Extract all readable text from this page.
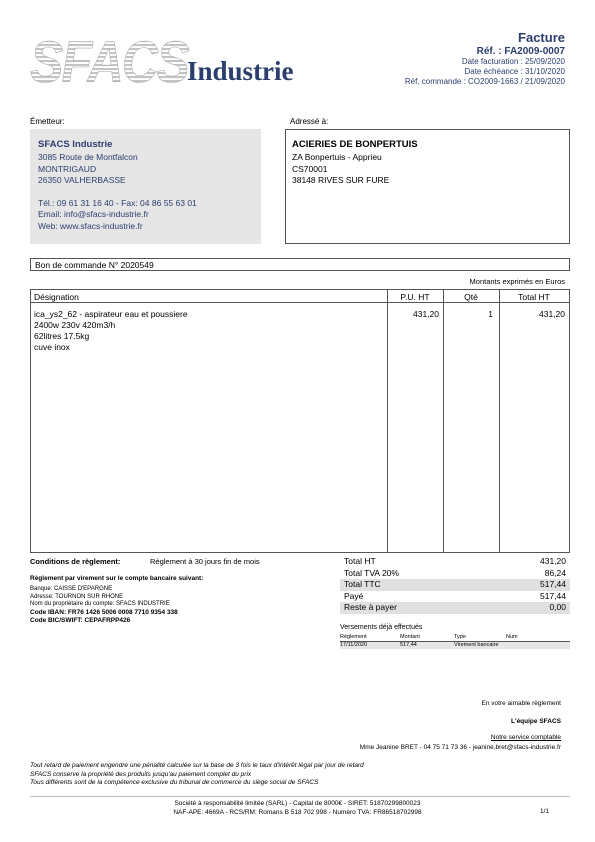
SFACS
Industrie
Facture
Réf. : FA2009-0007
Date facturation : 25/09/2020
Date échéance : 31/10/2020
Réf. commande : CO2009-1663 / 21/09/2020
Émetteur:
SFACS Industrie
3085 Route de Montfalcon
MONTRIGAUD
26350 VALHERBASSE
Tél.: 09 61 31 16 40 - Fax: 04 86 55 63 01
Email: info@sfacs-industrie.fr
Web: www.sfacs-industrie.fr
Adressé à:
ACIERIES DE BONPERTUIS
ZA Bonpertuis - Apprieu
CS70001
38148 RIVES SUR FURE
Bon de commande N° 2020549
Montants exprimés en Euros
Désignation	P.U. HT	Qté	Total HT
ica_ys2_62 - aspirateur eau et poussiere
2400w 230v 420m3/h
62litres 17.5kg
cuve inox
431,20	1	431,20
Conditions de règlement:	Règlement à 30 jours fin de mois
Règlement par virement sur le compte bancaire suivant:
Banque: CAISSE D'EPARGNE
Adresse: TOURNON SUR RHONE
Nom du propriétaire du compte: SFACS INDUSTRIE
Code IBAN: FR76 1426 5006 0008 7710 9354 338
Code BIC/SWIFT: CEPAFRPP426
Total HT	431,20
Total TVA 20%	86,24
Total TTC	517,44
Payé	517,44
Reste à payer	0,00
Versements déjà effectués
Règlement	Montant	Type	Num
17/11/2020	517,44	Virement bancaire
En votre aimable règlement
L'équipe SFACS
Notre service comptable
Mme Jeanine BRET - 04 75 71 73 36 - jeanine.bret@sfacs-industrie.fr
Tout retard de paiement engendre une pénalité calculée sur la base de 3 fois le taux d'intérêt légal par jour de retard
SFACS conserve la propriété des produits jusqu'au paiement complet du prix
Tous différents sont de la compétence exclusive du tribunal de commerce du siège social de SFACS
Société à responsabilité limitée (SARL) - Capital de 8000€ - SIRET: 51870299800023
NAF-APE: 4669A - RCS/RM: Romans B 518 702 998 - Numéro TVA: FR86518702998	1/1
